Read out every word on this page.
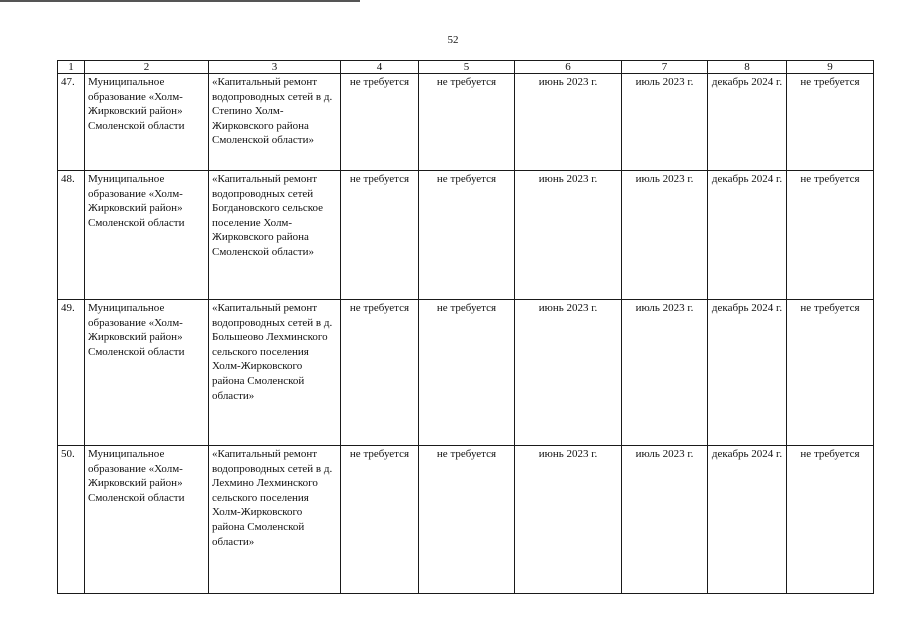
52
1	2	3	4	5	6	7	8	9
47.	Муниципальное образование «Холм-Жирковский район» Смоленской области	«Капитальный ремонт водопроводных сетей в д. Степино Холм-Жирковского района Смоленской области»	не требуется	не требуется	июнь 2023 г.	июль 2023 г.	декабрь 2024 г.	не требуется
48.	Муниципальное образование «Холм-Жирковский район» Смоленской области	«Капитальный ремонт водопроводных сетей Богдановского сельское поселение Холм-Жирковского района Смоленской области»	не требуется	не требуется	июнь 2023 г.	июль 2023 г.	декабрь 2024 г.	не требуется
49.	Муниципальное образование «Холм-Жирковский район» Смоленской области	«Капитальный ремонт водопроводных сетей в д. Большеово Лехминского сельского поселения Холм-Жирковского района Смоленской области»	не требуется	не требуется	июнь 2023 г.	июль 2023 г.	декабрь 2024 г.	не требуется
50.	Муниципальное образование «Холм-Жирковский район» Смоленской области	«Капитальный ремонт водопроводных сетей в д. Лехмино Лехминского сельского поселения Холм-Жирковского района Смоленской области»	не требуется	не требуется	июнь 2023 г.	июль 2023 г.	декабрь 2024 г.	не требуется
